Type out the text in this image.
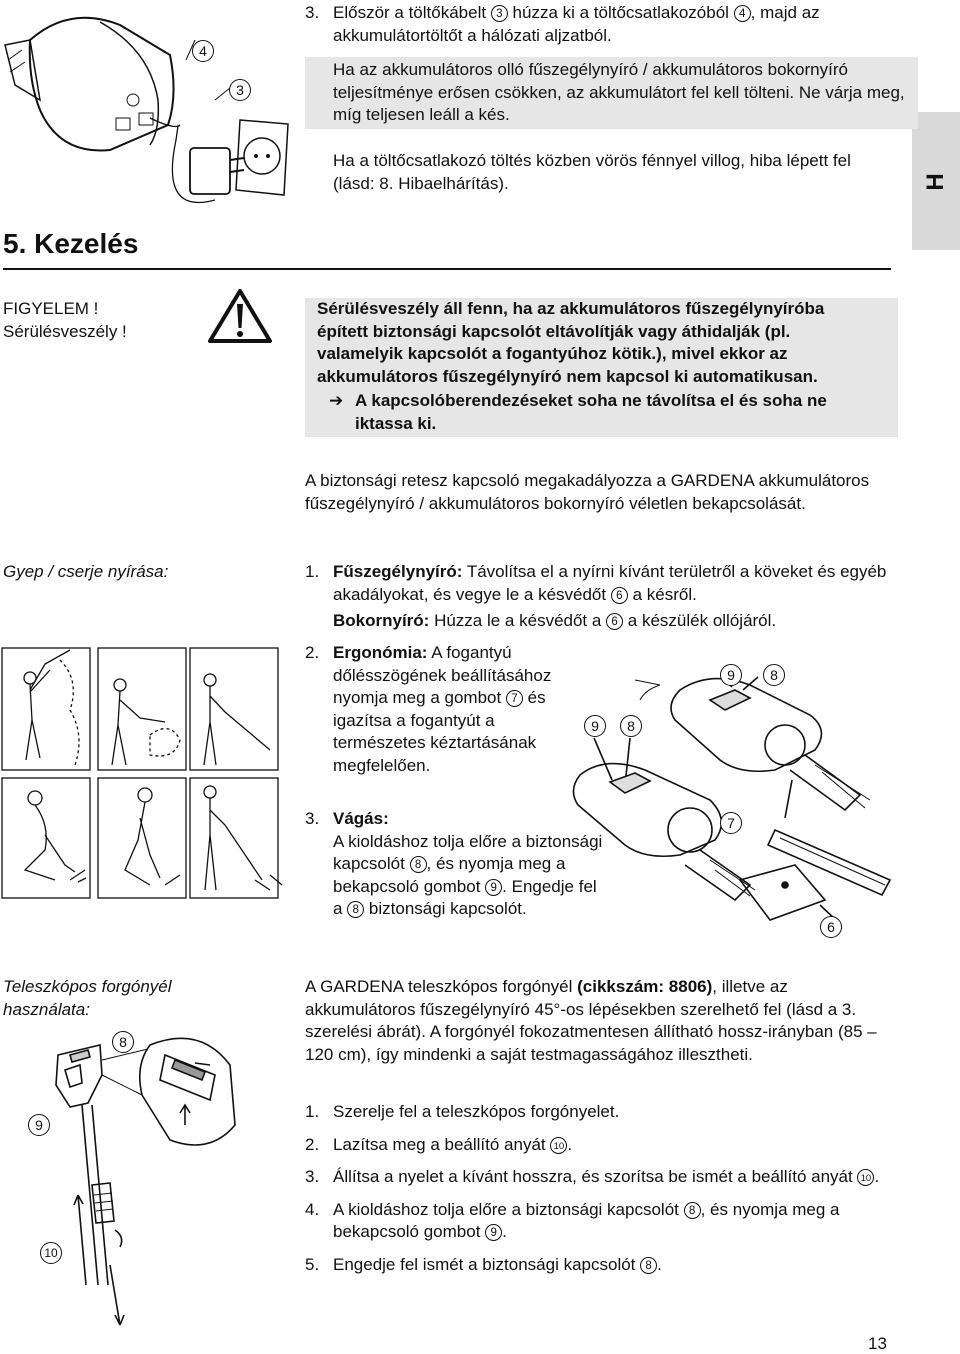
H
4
3
3. Először a töltőkábelt 3 húzza ki a töltőcsatlakozóból 4 , majd az akkumulátortöltőt a hálózati aljzatból.
Ha az akkumulátoros olló fűszegélynyíró / akkumulátoros bokornyíró teljesítménye erősen csökken, az akkumulátort fel kell tölteni. Ne várja meg, míg teljesen leáll a kés.
Ha a töltőcsatlakozó töltés közben vörös fénnyel villog, hiba lépett fel (lásd: 8. Hibaelhárítás).
5. Kezelés
FIGYELEM !
Sérülésveszély !
Sérülésveszély áll fenn, ha az akkumulátoros fűszegélynyíróba épített biztonsági kapcsolót eltávolítják vagy áthidalják (pl. valamelyik kapcsolót a fogantyúhoz kötik.), mivel ekkor az akkumulátoros fűszegélynyíró nem kapcsol ki automatikusan.
➔ A kapcsolóberendezéseket soha ne távolítsa el és soha ne iktassa ki.
A biztonsági retesz kapcsoló megakadályozza a GARDENA akkumulátoros fűszegélynyíró / akkumulátoros bokornyíró véletlen bekapcsolását.
Gyep / cserje nyírása:	1. Fűszegélynyíró: Távolítsa el a nyírni kívánt területről a köveket és egyéb akadályokat, és vegye le a késvédőt 6 a késről.
Bokornyíró: Húzza le a késvédőt a 6 a készülék ollójáról.
2. Ergonómia: A fogantyú dőlésszögének beállításához nyomja meg a gombot 7 és igazítsa a fogantyút a természetes kéztartásának megfelelően.
3. Vágás:
A kioldáshoz tolja előre a biztonsági kapcsolót 8 , és nyomja meg a bekapcsoló gombot 9 . Engedje fel a 8 biztonsági kapcsolót.
9	8
9	8
7
6
Teleszkópos forgónyél használata:
8
9
10
A GARDENA teleszkópos forgónyél (cikkszám: 8806), illetve az akkumulátoros fűszegélynyíró 45°-os lépésekben szerelhető fel (lásd a 3. szerelési ábrát). A forgónyél fokozatmentesen állítható hossz-irányban (85 – 120 cm), így mindenki a saját testmagasságához illesztheti.
1. Szerelje fel a teleszkópos forgónyelet.
2. Lazítsa meg a beállító anyát 10 .
3. Állítsa a nyelet a kívánt hosszra, és szorítsa be ismét a beállító anyát 10 .
4. A kioldáshoz tolja előre a biztonsági kapcsolót 8 , és nyomja meg a bekapcsoló gombot 9 .
5. Engedje fel ismét a biztonsági kapcsolót 8 .
13
